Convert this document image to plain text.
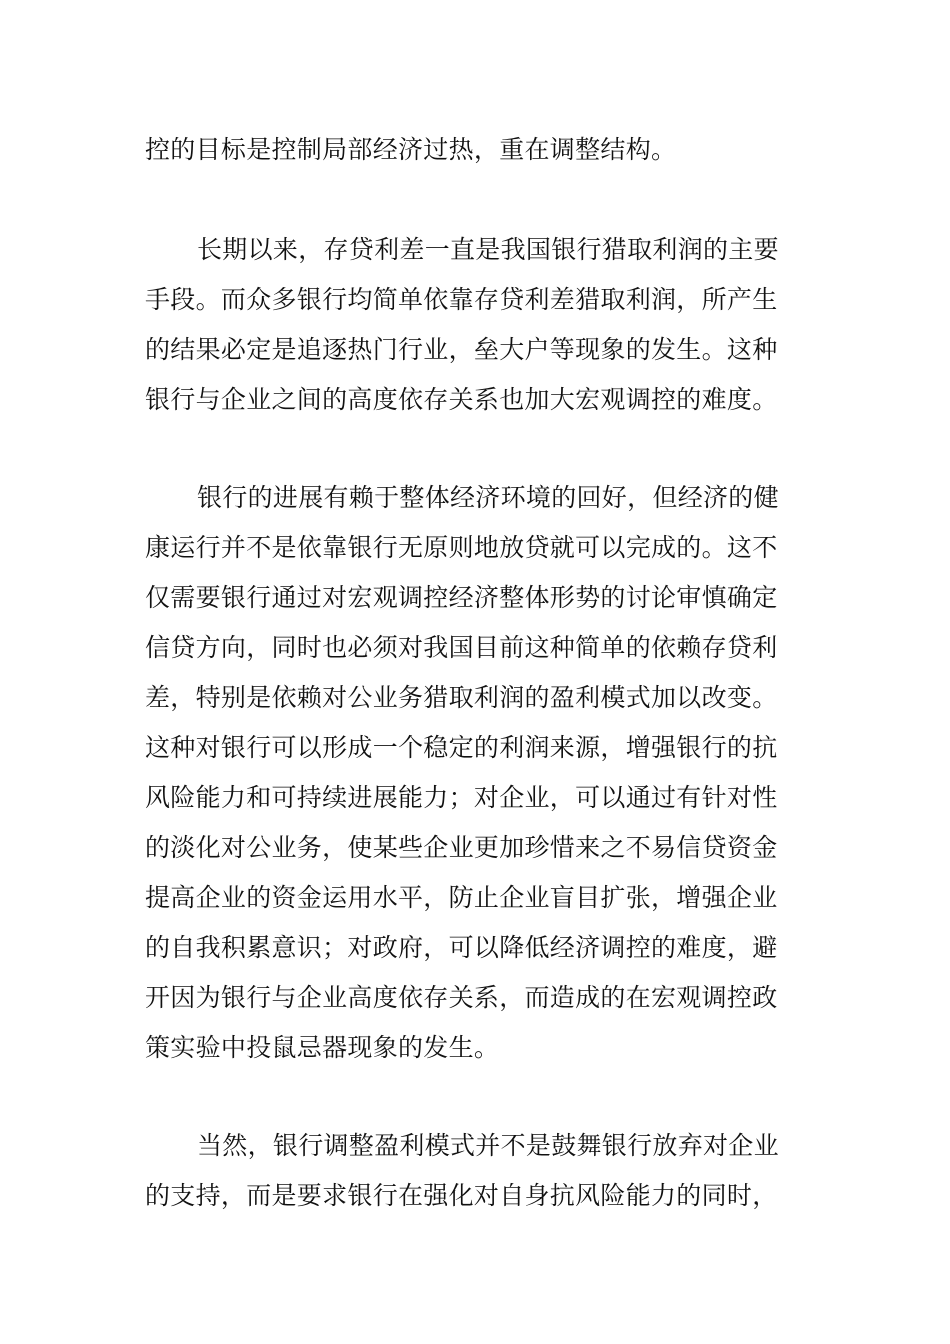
控的目标是控制局部经济过热，重在调整结构。
长期以来，存贷利差一直是我国银行猎取利润的主要
手段。而众多银行均简单依靠存贷利差猎取利润，所产生
的结果必定是追逐热门行业，垒大户等现象的发生。这种
银行与企业之间的高度依存关系也加大宏观调控的难度。
银行的进展有赖于整体经济环境的回好，但经济的健
康运行并不是依靠银行无原则地放贷就可以完成的。这不
仅需要银行通过对宏观调控经济整体形势的讨论审慎确定
信贷方向，同时也必须对我国目前这种简单的依赖存贷利
差，特别是依赖对公业务猎取利润的盈利模式加以改变。
这种对银行可以形成一个稳定的利润来源，增强银行的抗
风险能力和可持续进展能力；对企业，可以通过有针对性
的淡化对公业务，使某些企业更加珍惜来之不易信贷资金
提高企业的资金运用水平，防止企业盲目扩张，增强企业
的自我积累意识；对政府，可以降低经济调控的难度，避
开因为银行与企业高度依存关系，而造成的在宏观调控政
策实验中投鼠忌器现象的发生。
当然，银行调整盈利模式并不是鼓舞银行放弃对企业
的支持，而是要求银行在强化对自身抗风险能力的同时，
